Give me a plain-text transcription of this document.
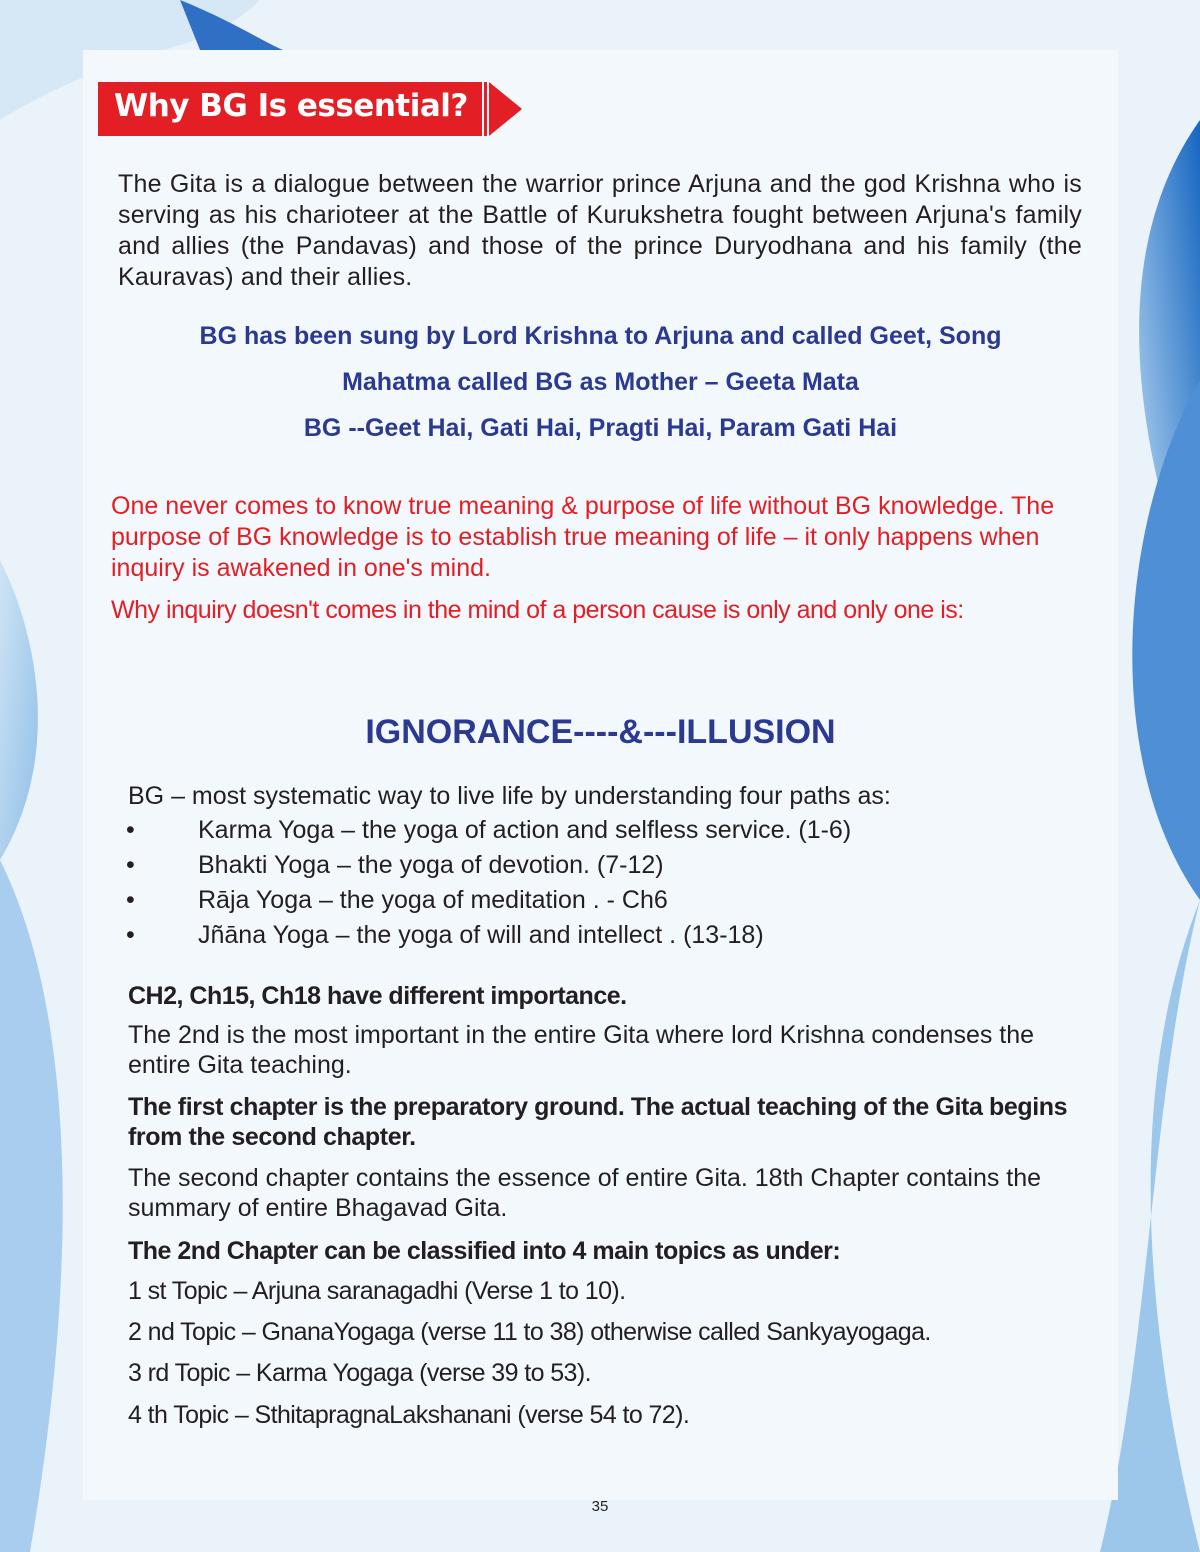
Why BG Is essential?
The Gita is a dialogue between the warrior prince Arjuna and the god Krishna who is serving as his charioteer at the Battle of Kurukshetra fought between Arjuna's family and allies (the Pandavas) and those of the prince Duryodhana and his family (the Kauravas) and their allies.
BG has been sung by Lord Krishna to Arjuna and called Geet, Song
Mahatma called BG as Mother – Geeta Mata
BG --Geet Hai, Gati Hai, Pragti Hai, Param Gati Hai
One never comes to know true meaning & purpose of life without BG knowledge. The purpose of BG knowledge is to establish true meaning of life – it only happens when inquiry is awakened in one's mind.
Why inquiry doesn't comes in the mind of a person cause is only and only one is:
IGNORANCE----&---ILLUSION
BG – most systematic way to live life by understanding four paths as:
•	Karma Yoga – the yoga of action and selfless service. (1-6)
•	Bhakti Yoga – the yoga of devotion. (7-12)
•	Rāja Yoga – the yoga of meditation . - Ch6
•	Jñāna Yoga – the yoga of will and intellect . (13-18)
CH2, Ch15, Ch18 have different importance.
The 2nd is the most important in the entire Gita where lord Krishna condenses the entire Gita teaching.
The first chapter is the preparatory ground. The actual teaching of the Gita begins from the second chapter.
The second chapter contains the essence of entire Gita. 18th Chapter contains the summary of entire Bhagavad Gita.
The 2nd Chapter can be classified into 4 main topics as under:
1 st Topic – Arjuna saranagadhi (Verse 1 to 10).
2 nd Topic – GnanaYogaga (verse 11 to 38) otherwise called Sankyayogaga.
3 rd Topic – Karma Yogaga (verse 39 to 53).
4 th Topic – SthitapragnaLakshanani (verse 54 to 72).
35
